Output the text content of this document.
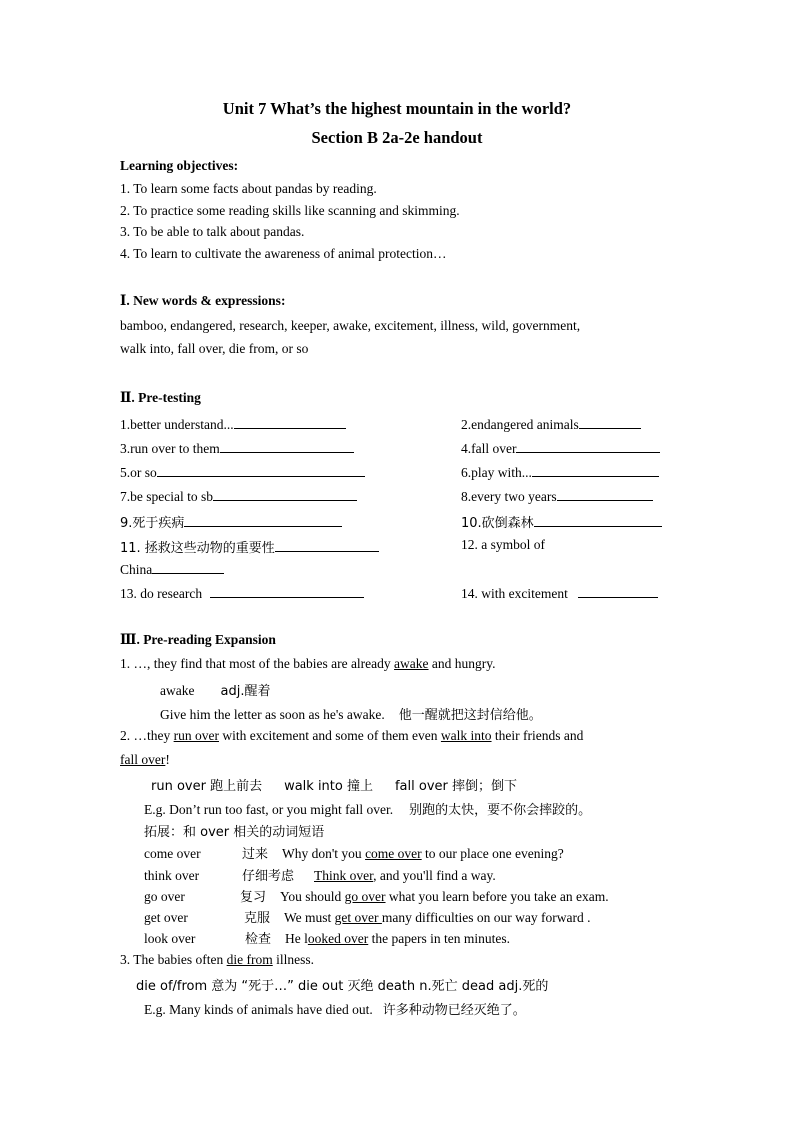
Unit 7 What’s the highest mountain in the world?
Section B 2a-2e handout
Learning objectives:
1. To learn some facts about pandas by reading.
2. To practice some reading skills like scanning and skimming.
3. To be able to talk about pandas.
4. To learn to cultivate the awareness of animal protection…
Ⅰ. New words & expressions:
bamboo, endangered, research, keeper, awake, excitement, illness, wild, government,
walk into, fall over, die from, or so
Ⅱ. Pre-testing
1.better understand...	2.endangered animals
3.run over to them	4.fall over
5.or so	6.play with...
7.be special to sb	8.every two years
9.死于疾病	10.砍倒森林
11. 拯救这些动物的重要性	12. a symbol of
China
13. do research	14. with excitement
Ⅲ. Pre-reading Expansion
1. …, they find that most of the babies are already awake and hungry.
awake adj.醒着
Give him the letter as soon as he's awake. 他一醒就把这封信给他。
2. …they run over with excitement and some of them even walk into their friends and
fall over!
run over 跑上前去 walk into 撞上 fall over 摔倒；倒下
E.g. Don’t run too fast, or you might fall over. 别跑的太快，要不你会摔跤的。
拓展：和 over 相关的动词短语
come over	过来 Why don't you come over to our place one evening?
think over	仔细考虑 Think over, and you'll find a way.
go over	复习 You should go over what you learn before you take an exam.
get over	克服 We must get over many difficulties on our way forward .
look over	检查 He looked over the papers in ten minutes.
3. The babies often die from illness.
die of/from 意为 “死于…” die out 灭绝 death n.死亡 dead adj.死的
E.g. Many kinds of animals have died out. 许多种动物已经灭绝了。
